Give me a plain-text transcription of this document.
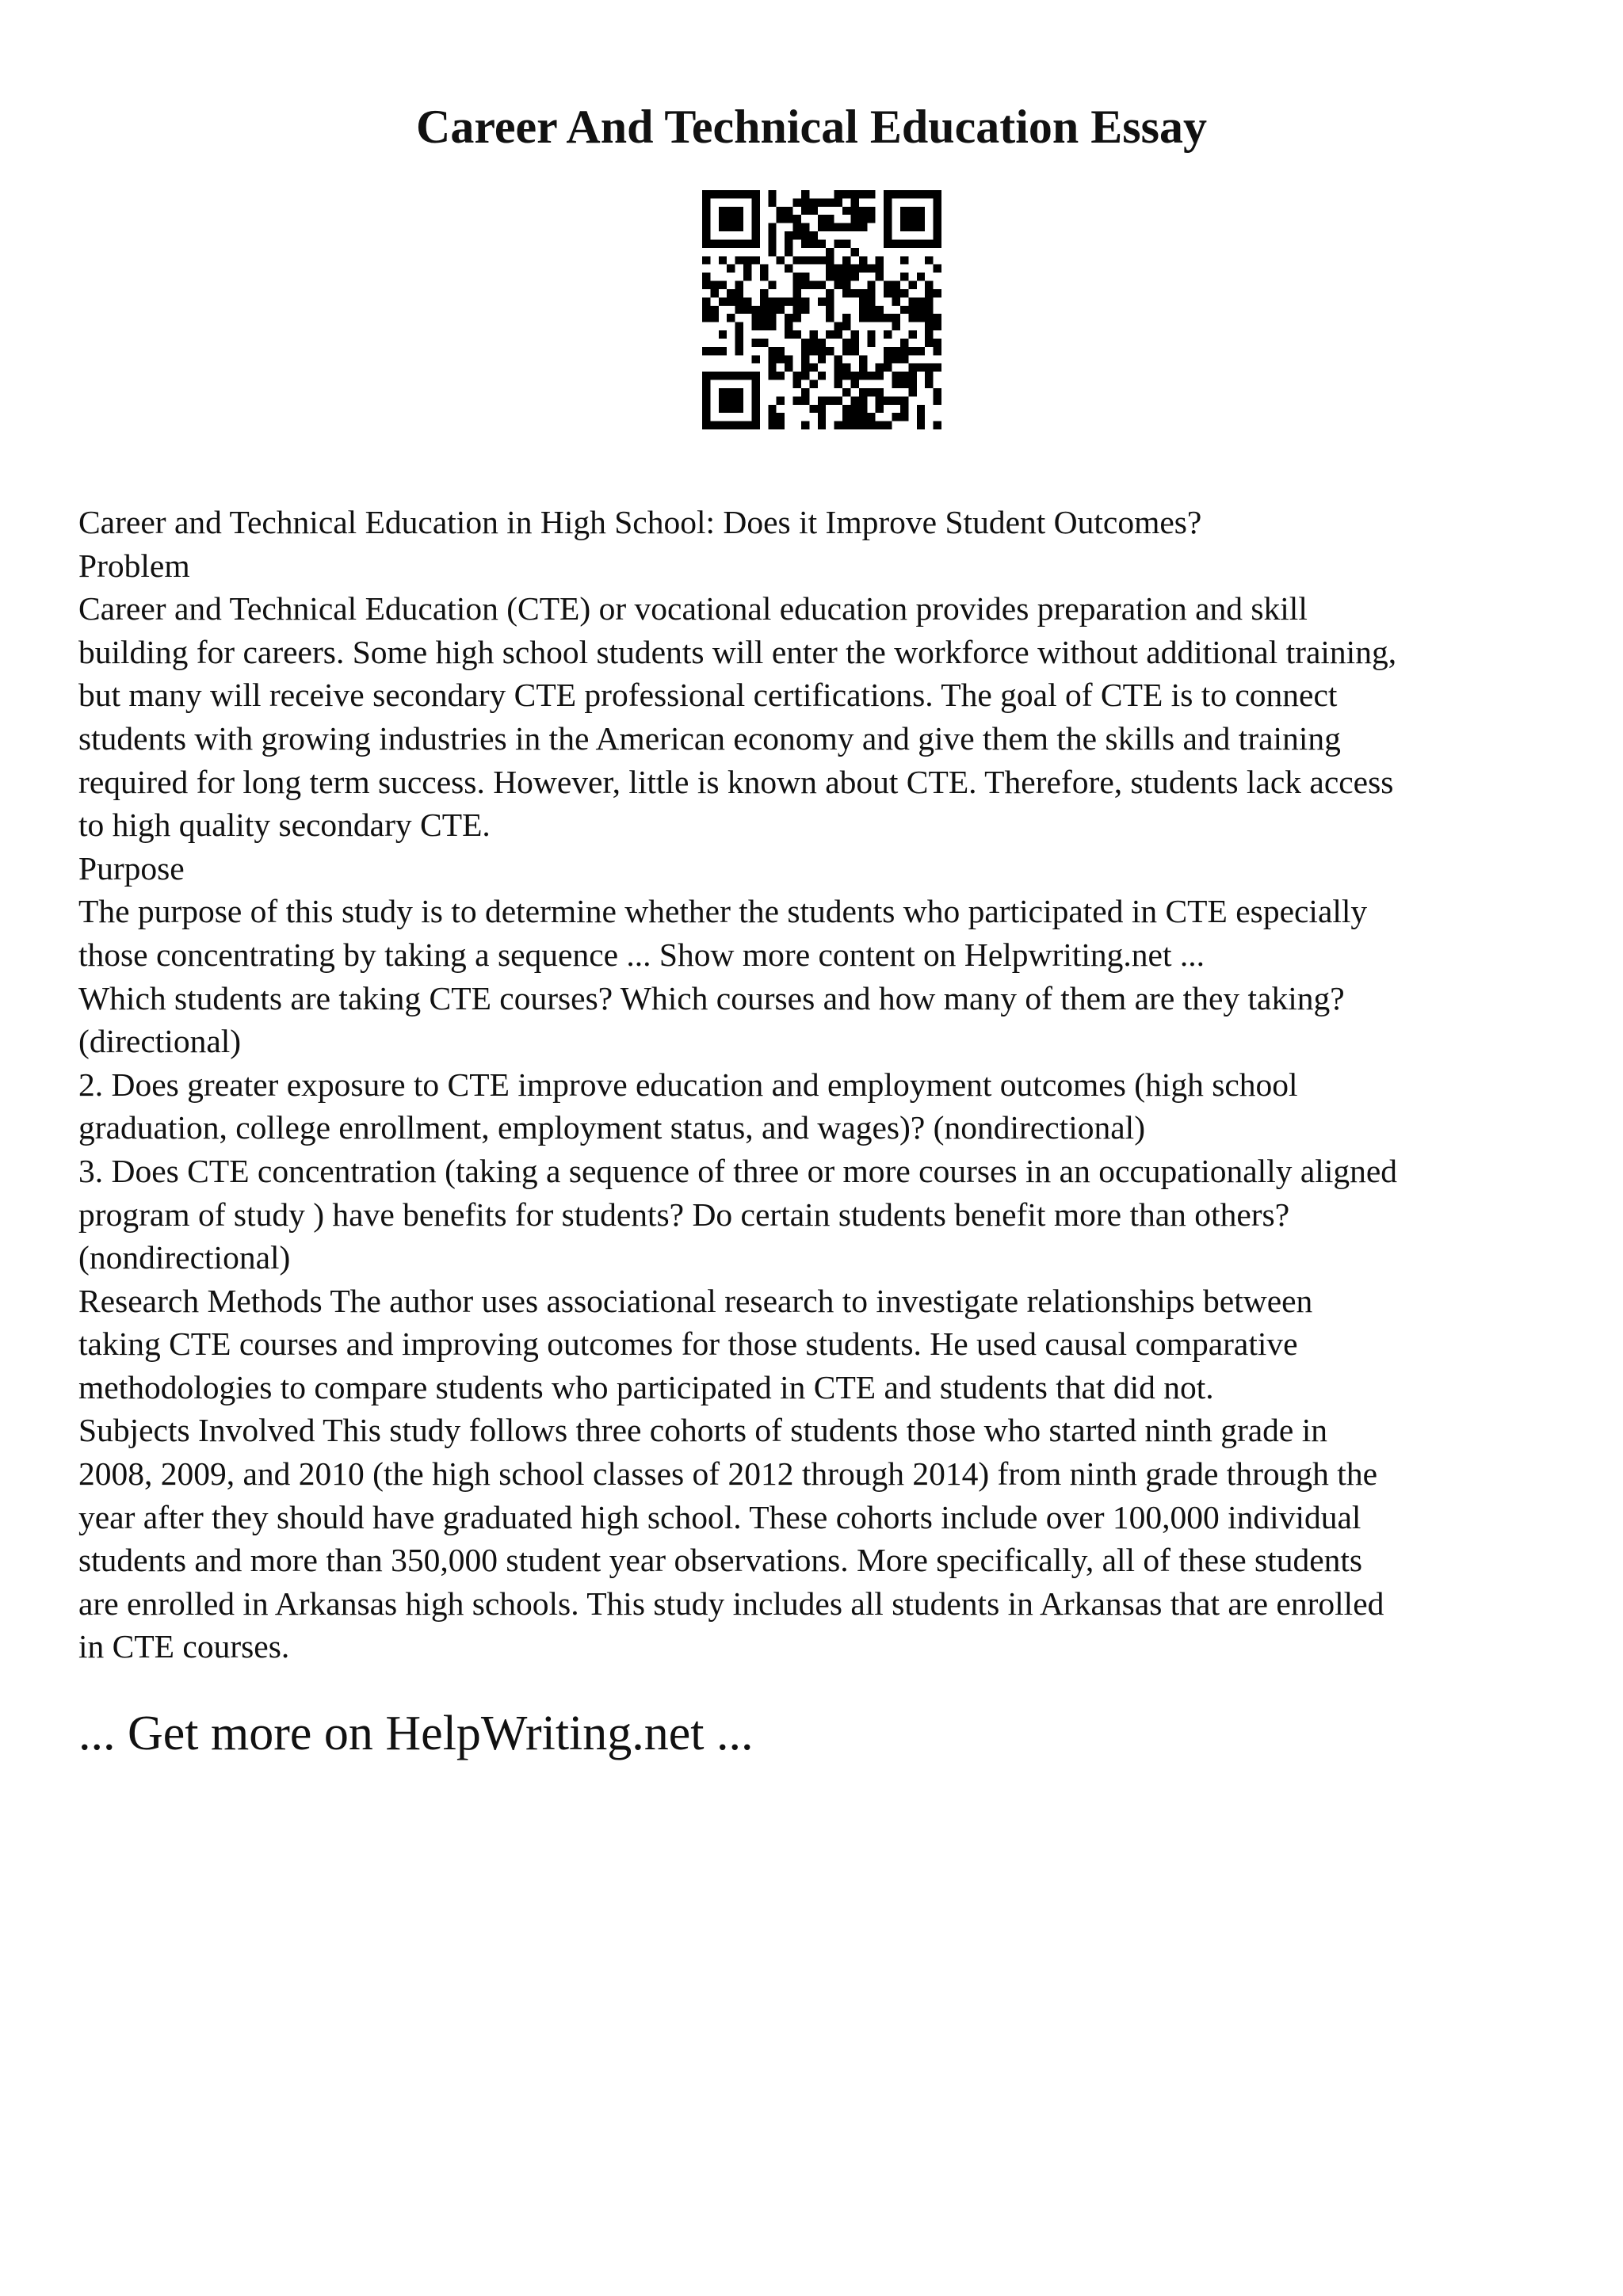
Career And Technical Education Essay
Career and Technical Education in High School: Does it Improve Student Outcomes?
Problem
Career and Technical Education (CTE) or vocational education provides preparation and skill
building for careers. Some high school students will enter the workforce without additional training,
but many will receive secondary CTE professional certifications. The goal of CTE is to connect
students with growing industries in the American economy and give them the skills and training
required for long term success. However, little is known about CTE. Therefore, students lack access
to high quality secondary CTE.
Purpose
The purpose of this study is to determine whether the students who participated in CTE especially
those concentrating by taking a sequence ... Show more content on Helpwriting.net ...
Which students are taking CTE courses? Which courses and how many of them are they taking?
(directional)
2. Does greater exposure to CTE improve education and employment outcomes (high school
graduation, college enrollment, employment status, and wages)? (nondirectional)
3. Does CTE concentration (taking a sequence of three or more courses in an occupationally aligned
program of study ) have benefits for students? Do certain students benefit more than others?
(nondirectional)
Research Methods The author uses associational research to investigate relationships between
taking CTE courses and improving outcomes for those students. He used causal comparative
methodologies to compare students who participated in CTE and students that did not.
Subjects Involved This study follows three cohorts of students those who started ninth grade in
2008, 2009, and 2010 (the high school classes of 2012 through 2014) from ninth grade through the
year after they should have graduated high school. These cohorts include over 100,000 individual
students and more than 350,000 student year observations. More specifically, all of these students
are enrolled in Arkansas high schools. This study includes all students in Arkansas that are enrolled
in CTE courses.
... Get more on HelpWriting.net ...
